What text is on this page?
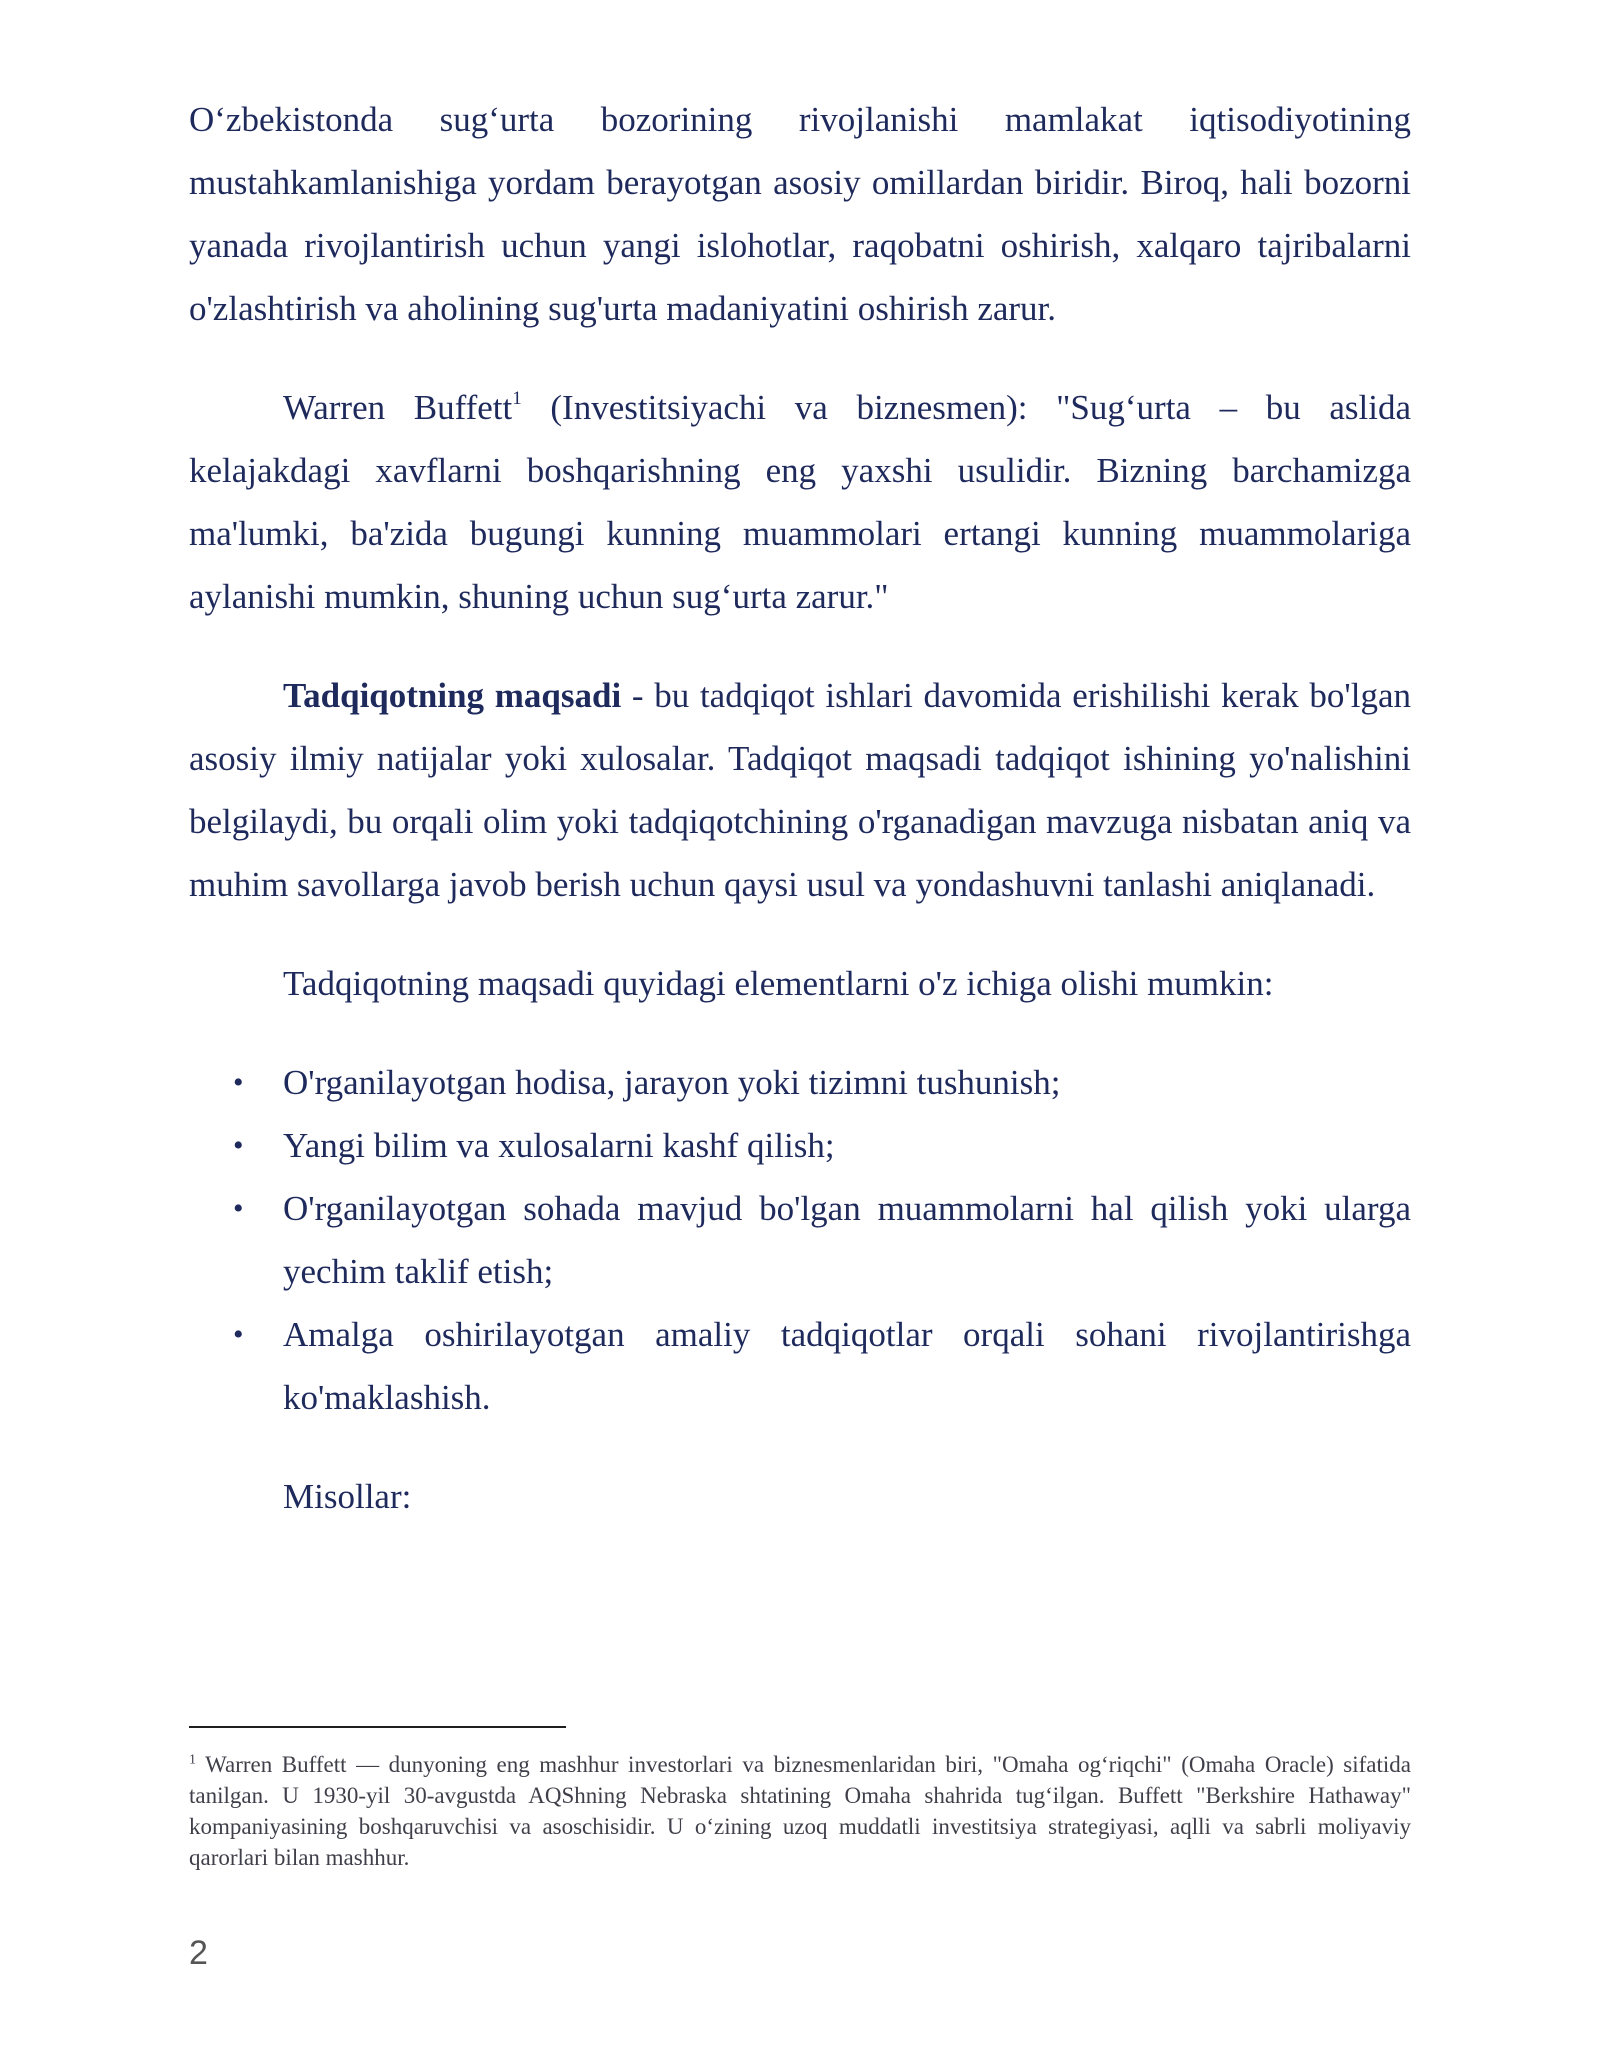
O‘zbekistonda sug‘urta bozorining rivojlanishi mamlakat iqtisodiyotining mustahkamlanishiga yordam berayotgan asosiy omillardan biridir. Biroq, hali bozorni yanada rivojlantirish uchun yangi islohotlar, raqobatni oshirish, xalqaro tajribalarni o'zlashtirish va aholining sug'urta madaniyatini oshirish zarur.

Warren Buffett$^1$ (Investitsiyachi va biznesmen): "Sug‘urta – bu aslida kelajakdagi xavflarni boshqarishning eng yaxshi usulidir. Bizning barchamizga ma'lumki, ba'zida bugungi kunning muammolari ertangi kunning muammolariga aylanishi mumkin, shuning uchun sug‘urta zarur."

Tadqiqotning maqsadi - bu tadqiqot ishlari davomida erishilishi kerak bo'lgan asosiy ilmiy natijalar yoki xulosalar. Tadqiqot maqsadi tadqiqot ishining yo'nalishini belgilaydi, bu orqali olim yoki tadqiqotchining o'rganadigan mavzuga nisbatan aniq va muhim savollarga javob berish uchun qaysi usul va yondashuvni tanlashi aniqlanadi.

Tadqiqotning maqsadi quyidagi elementlarni o'z ichiga olishi mumkin:

• O'rganilayotgan hodisa, jarayon yoki tizimni tushunish;
• Yangi bilim va xulosalarni kashf qilish;
• O'rganilayotgan sohada mavjud bo'lgan muammolarni hal qilish yoki ularga yechim taklif etish;
• Amalga oshirilayotgan amaliy tadqiqotlar orqali sohani rivojlantirishga ko'maklashish.

Misollar:

$^1$ Warren Buffett — dunyoning eng mashhur investorlari va biznesmenlaridan biri, "Omaha og‘riqchi" (Omaha Oracle) sifatida tanilgan. U 1930-yil 30-avgustda AQShning Nebraska shtatining Omaha shahrida tug‘ilgan. Buffett "Berkshire Hathaway" kompaniyasining boshqaruvchisi va asoschisidir. U o‘zining uzoq muddatli investitsiya strategiyasi, aqlli va sabrli moliyaviy qarorlari bilan mashhur.
2
